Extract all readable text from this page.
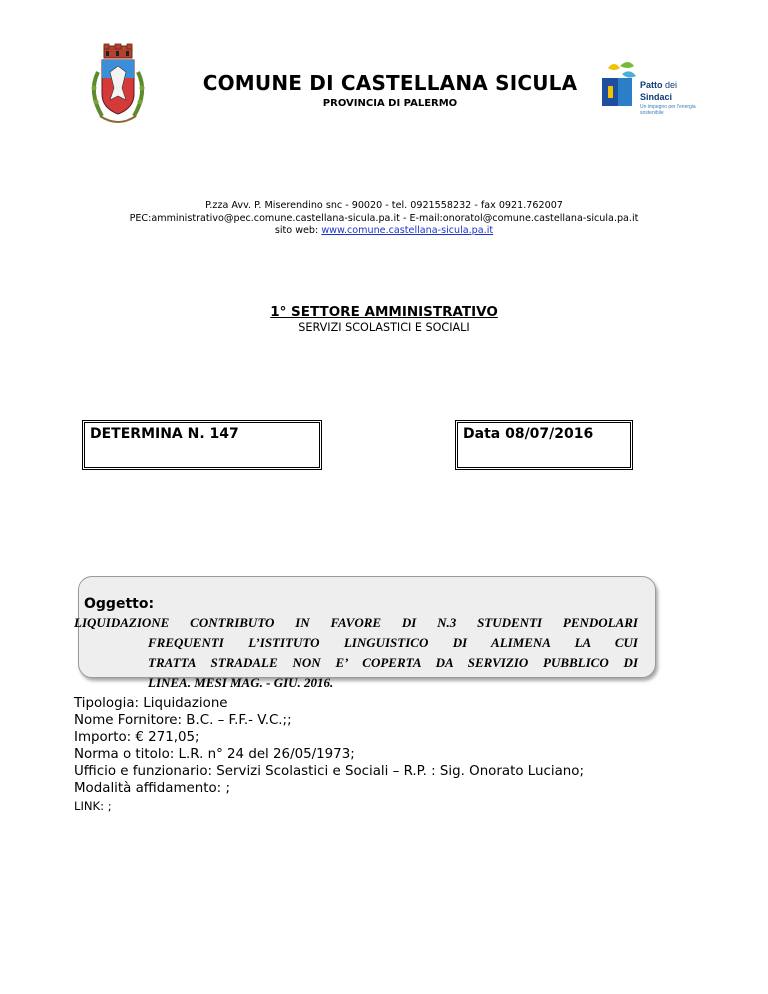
COMUNE DI CASTELLANA SICULA
PROVINCIA DI PALERMO
Patto dei
Sindaci
Un impegno per l'energia sostenibile
P.zza Avv. P. Miserendino snc - 90020 - tel. 0921558232 - fax 0921.762007
PEC:amministrativo@pec.comune.castellana-sicula.pa.it - E-mail:onoratol@comune.castellana-sicula.pa.it
sito web: www.comune.castellana-sicula.pa.it
1° SETTORE AMMINISTRATIVO
SERVIZI SCOLASTICI E SOCIALI
DETERMINA N. 147	Data 08/07/2016
Oggetto:
LIQUIDAZIONE CONTRIBUTO IN FAVORE DI N.3 STUDENTI PENDOLARI
FREQUENTI L’ISTITUTO LINGUISTICO DI ALIMENA LA CUI
TRATTA STRADALE NON E’ COPERTA DA SERVIZIO PUBBLICO DI
LINEA. MESI MAG. - GIU. 2016.
Tipologia: Liquidazione
Nome Fornitore: B.C. – F.F.- V.C.;;
Importo: € 271,05;
Norma o titolo: L.R. n° 24 del 26/05/1973;
Ufficio e funzionario: Servizi Scolastici e Sociali – R.P. : Sig. Onorato Luciano;
Modalità affidamento: ;
LINK: ;
